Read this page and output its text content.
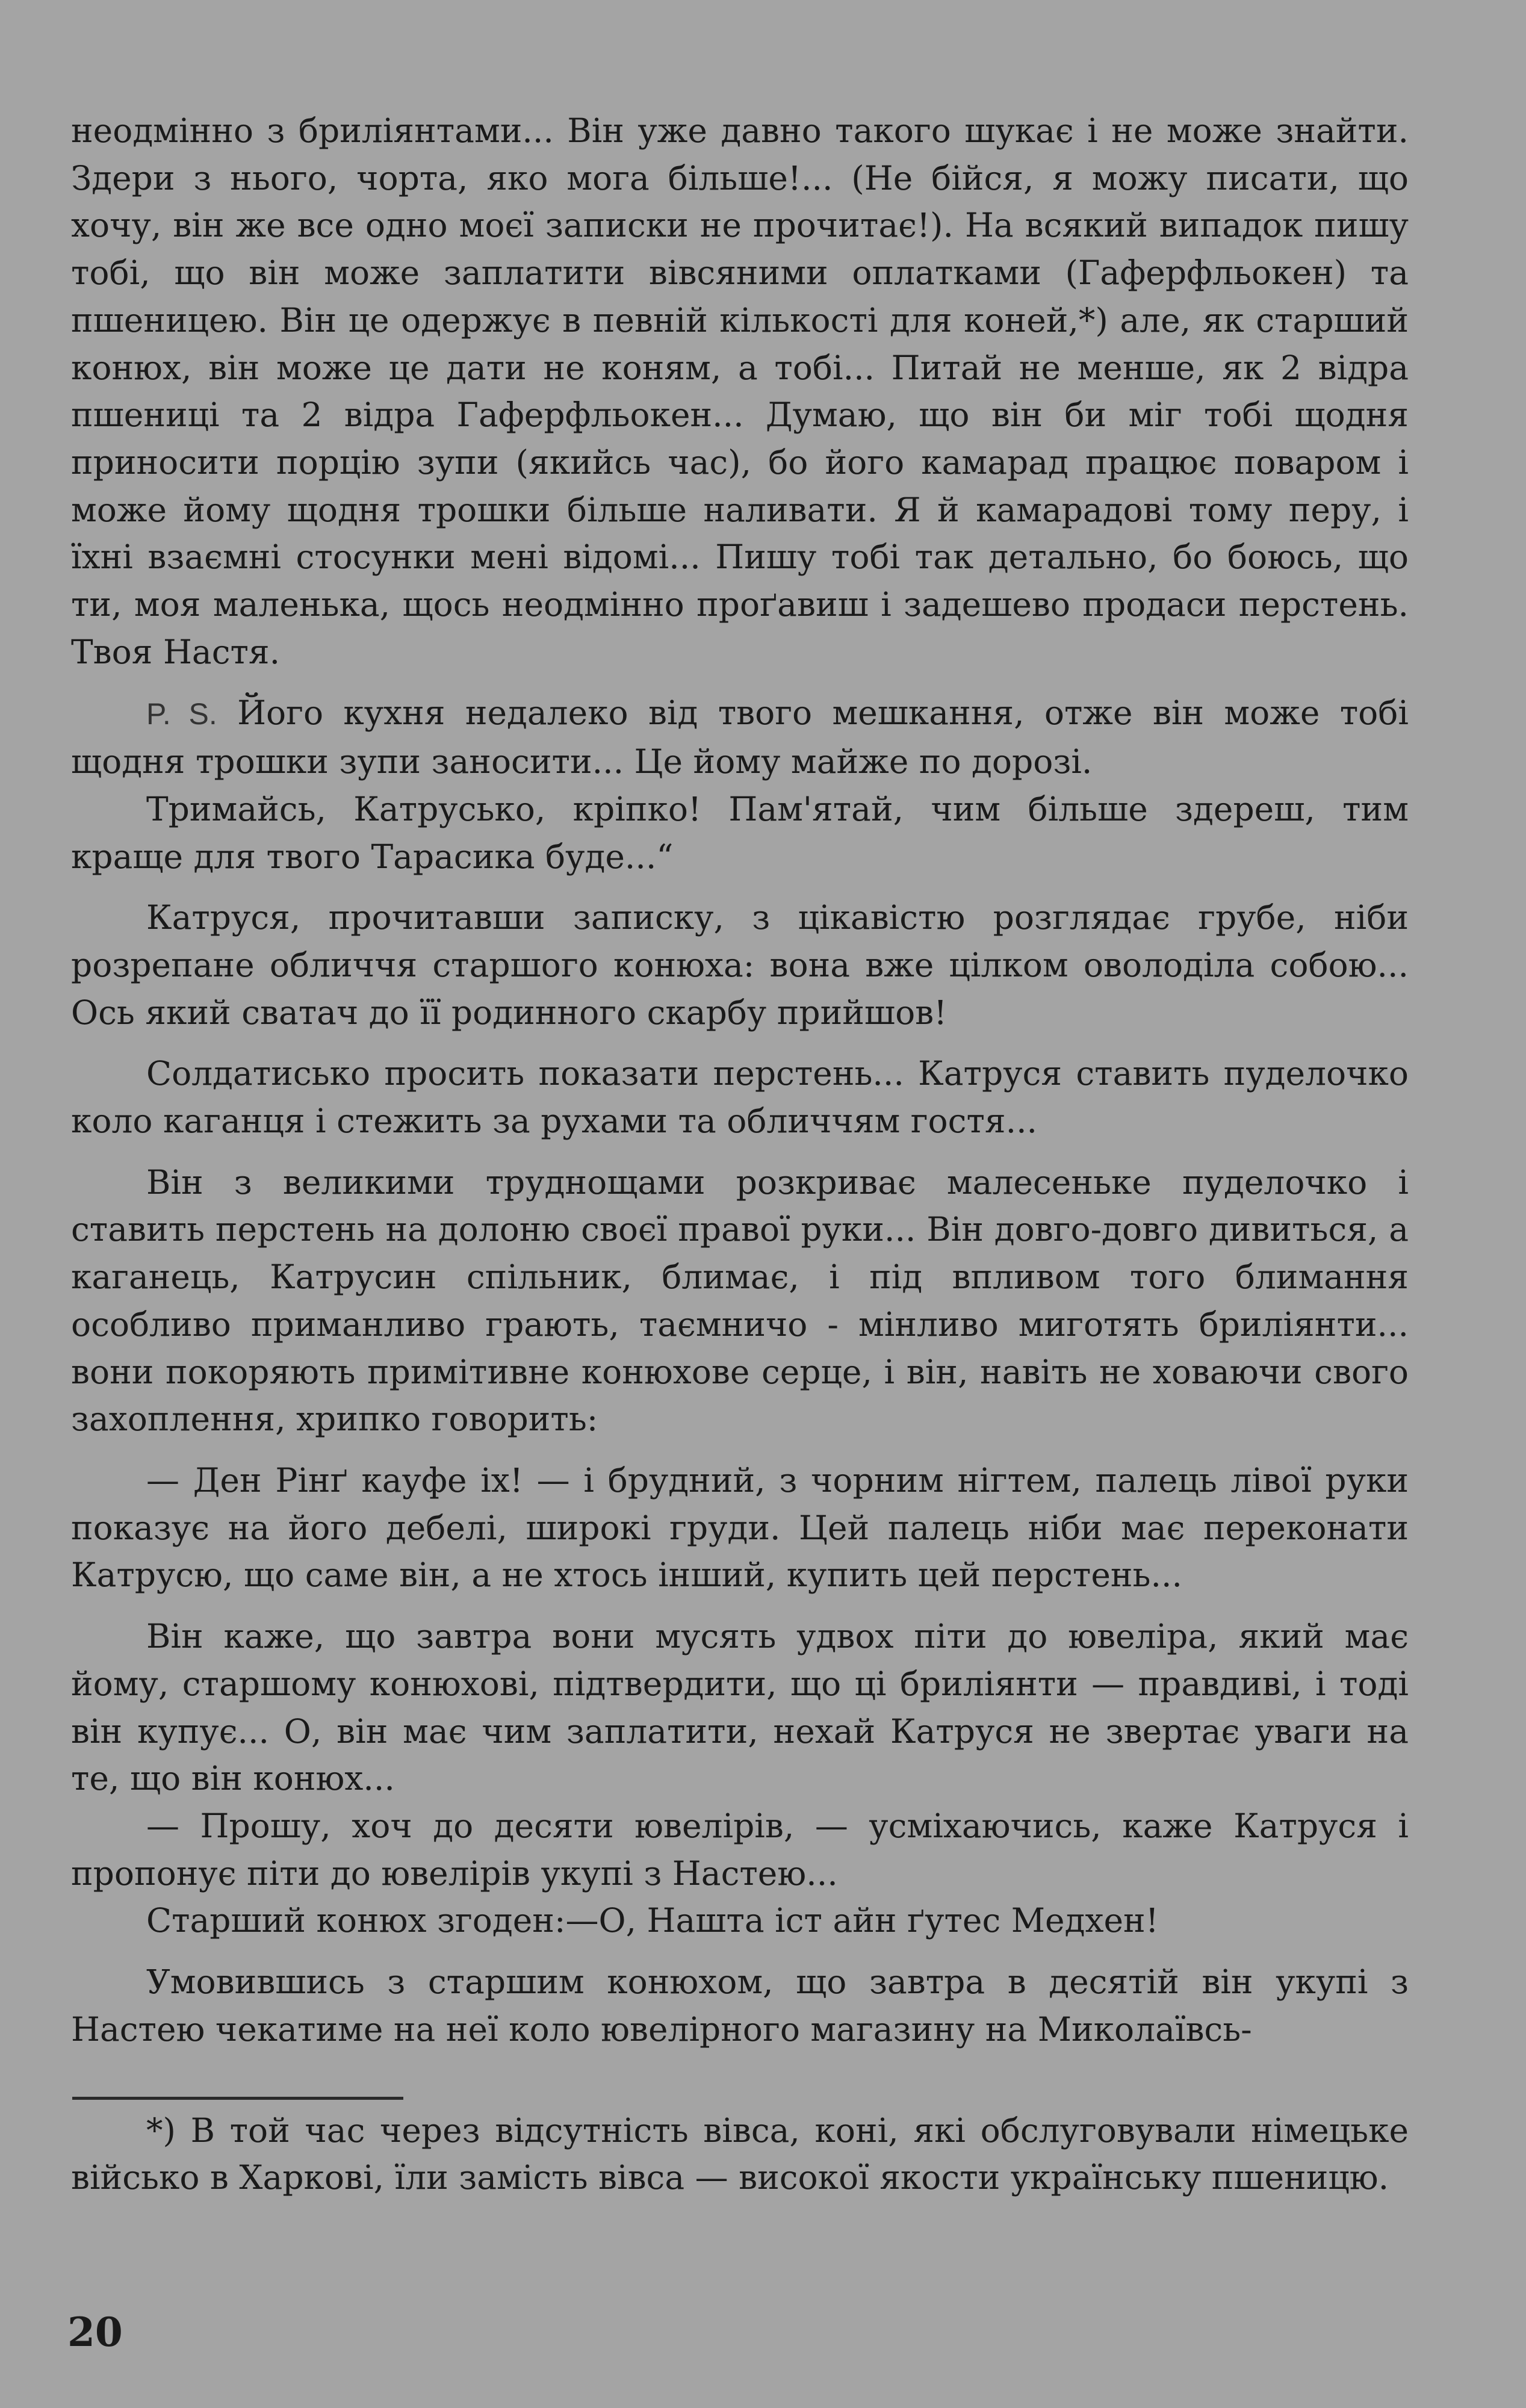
неодмінно з бриліянтами... Він уже давно такого шукає і не може знайти. Здери з нього, чорта, яко мога більше!... (Не бійся, я можу писати, що хочу, він же все одно моєї записки не прочитає!). На всякий випадок пишу тобі, що він може заплатити вівсяними оплатками (Гаферфльокен) та пшеницею. Він це одержує в певній кількості для коней,*) але, як старший конюх, він може це дати не коням, а тобі... Питай не менше, як 2 відра пшениці та 2 відра Гаферфльокен... Думаю, що він би міг тобі щодня приносити порцію зупи (якийсь час), бо його камарад працює поваром і може йому щодня трошки більше наливати. Я й камарадові тому перу, і їхні взаємні стосунки мені відомі... Пишу тобі так детально, бо боюсь, що ти, моя маленька, щось неодмінно проґавиш і задешево продаси перстень. Твоя Настя.

P. S. Його кухня недалеко від твого мешкання, отже він може тобі щодня трошки зупи заносити... Це йому майже по дорозі.

Тримайсь, Катрусько, кріпко! Пам'ятай, чим більше здереш, тим краще для твого Тарасика буде...“

Катруся, прочитавши записку, з цікавістю розглядає грубе, ніби розрепане обличчя старшого конюха: вона вже цілком оволоділа собою... Ось який сватач до її родинного скарбу прийшов!

Солдатисько просить показати перстень... Катруся ставить пуделочко коло каганця і стежить за рухами та обличчям гостя...

Він з великими труднощами розкриває малесеньке пуделочко і ставить перстень на долоню своєї правої руки... Він довго-довго дивиться, а каганець, Катрусин спільник, блимає, і під впливом того блимання особливо приманливо грають, таємничо - мінливо миготять бриліянти... вони покоряють примітивне конюхове серце, і він, навіть не ховаючи свого захоплення, хрипко говорить:

— Ден Рінґ кауфе іх! — і брудний, з чорним нігтем, палець лівої руки показує на його дебелі, широкі груди. Цей палець ніби має переконати Катрусю, що саме він, а не хтось інший, купить цей перстень...

Він каже, що завтра вони мусять удвох піти до ювеліра, який має йому, старшому конюхові, підтвердити, що ці бриліянти — правдиві, і тоді він купує... О, він має чим заплатити, нехай Катруся не звертає уваги на те, що він конюх...

— Прошу, хоч до десяти ювелірів, — усміхаючись, каже Катруся і пропонує піти до ювелірів укупі з Настею...

Старший конюх згоден:—О, Нашта іст айн ґутес Медхен!

Умовившись з старшим конюхом, що завтра в десятій він укупі з Настею чекатиме на неї коло ювелірного магазину на Миколаївсь-

*) В той час через відсутність вівса, коні, які обслуговували німецьке військо в Харкові, їли замість вівса — високої якости українську пшеницю.

20
